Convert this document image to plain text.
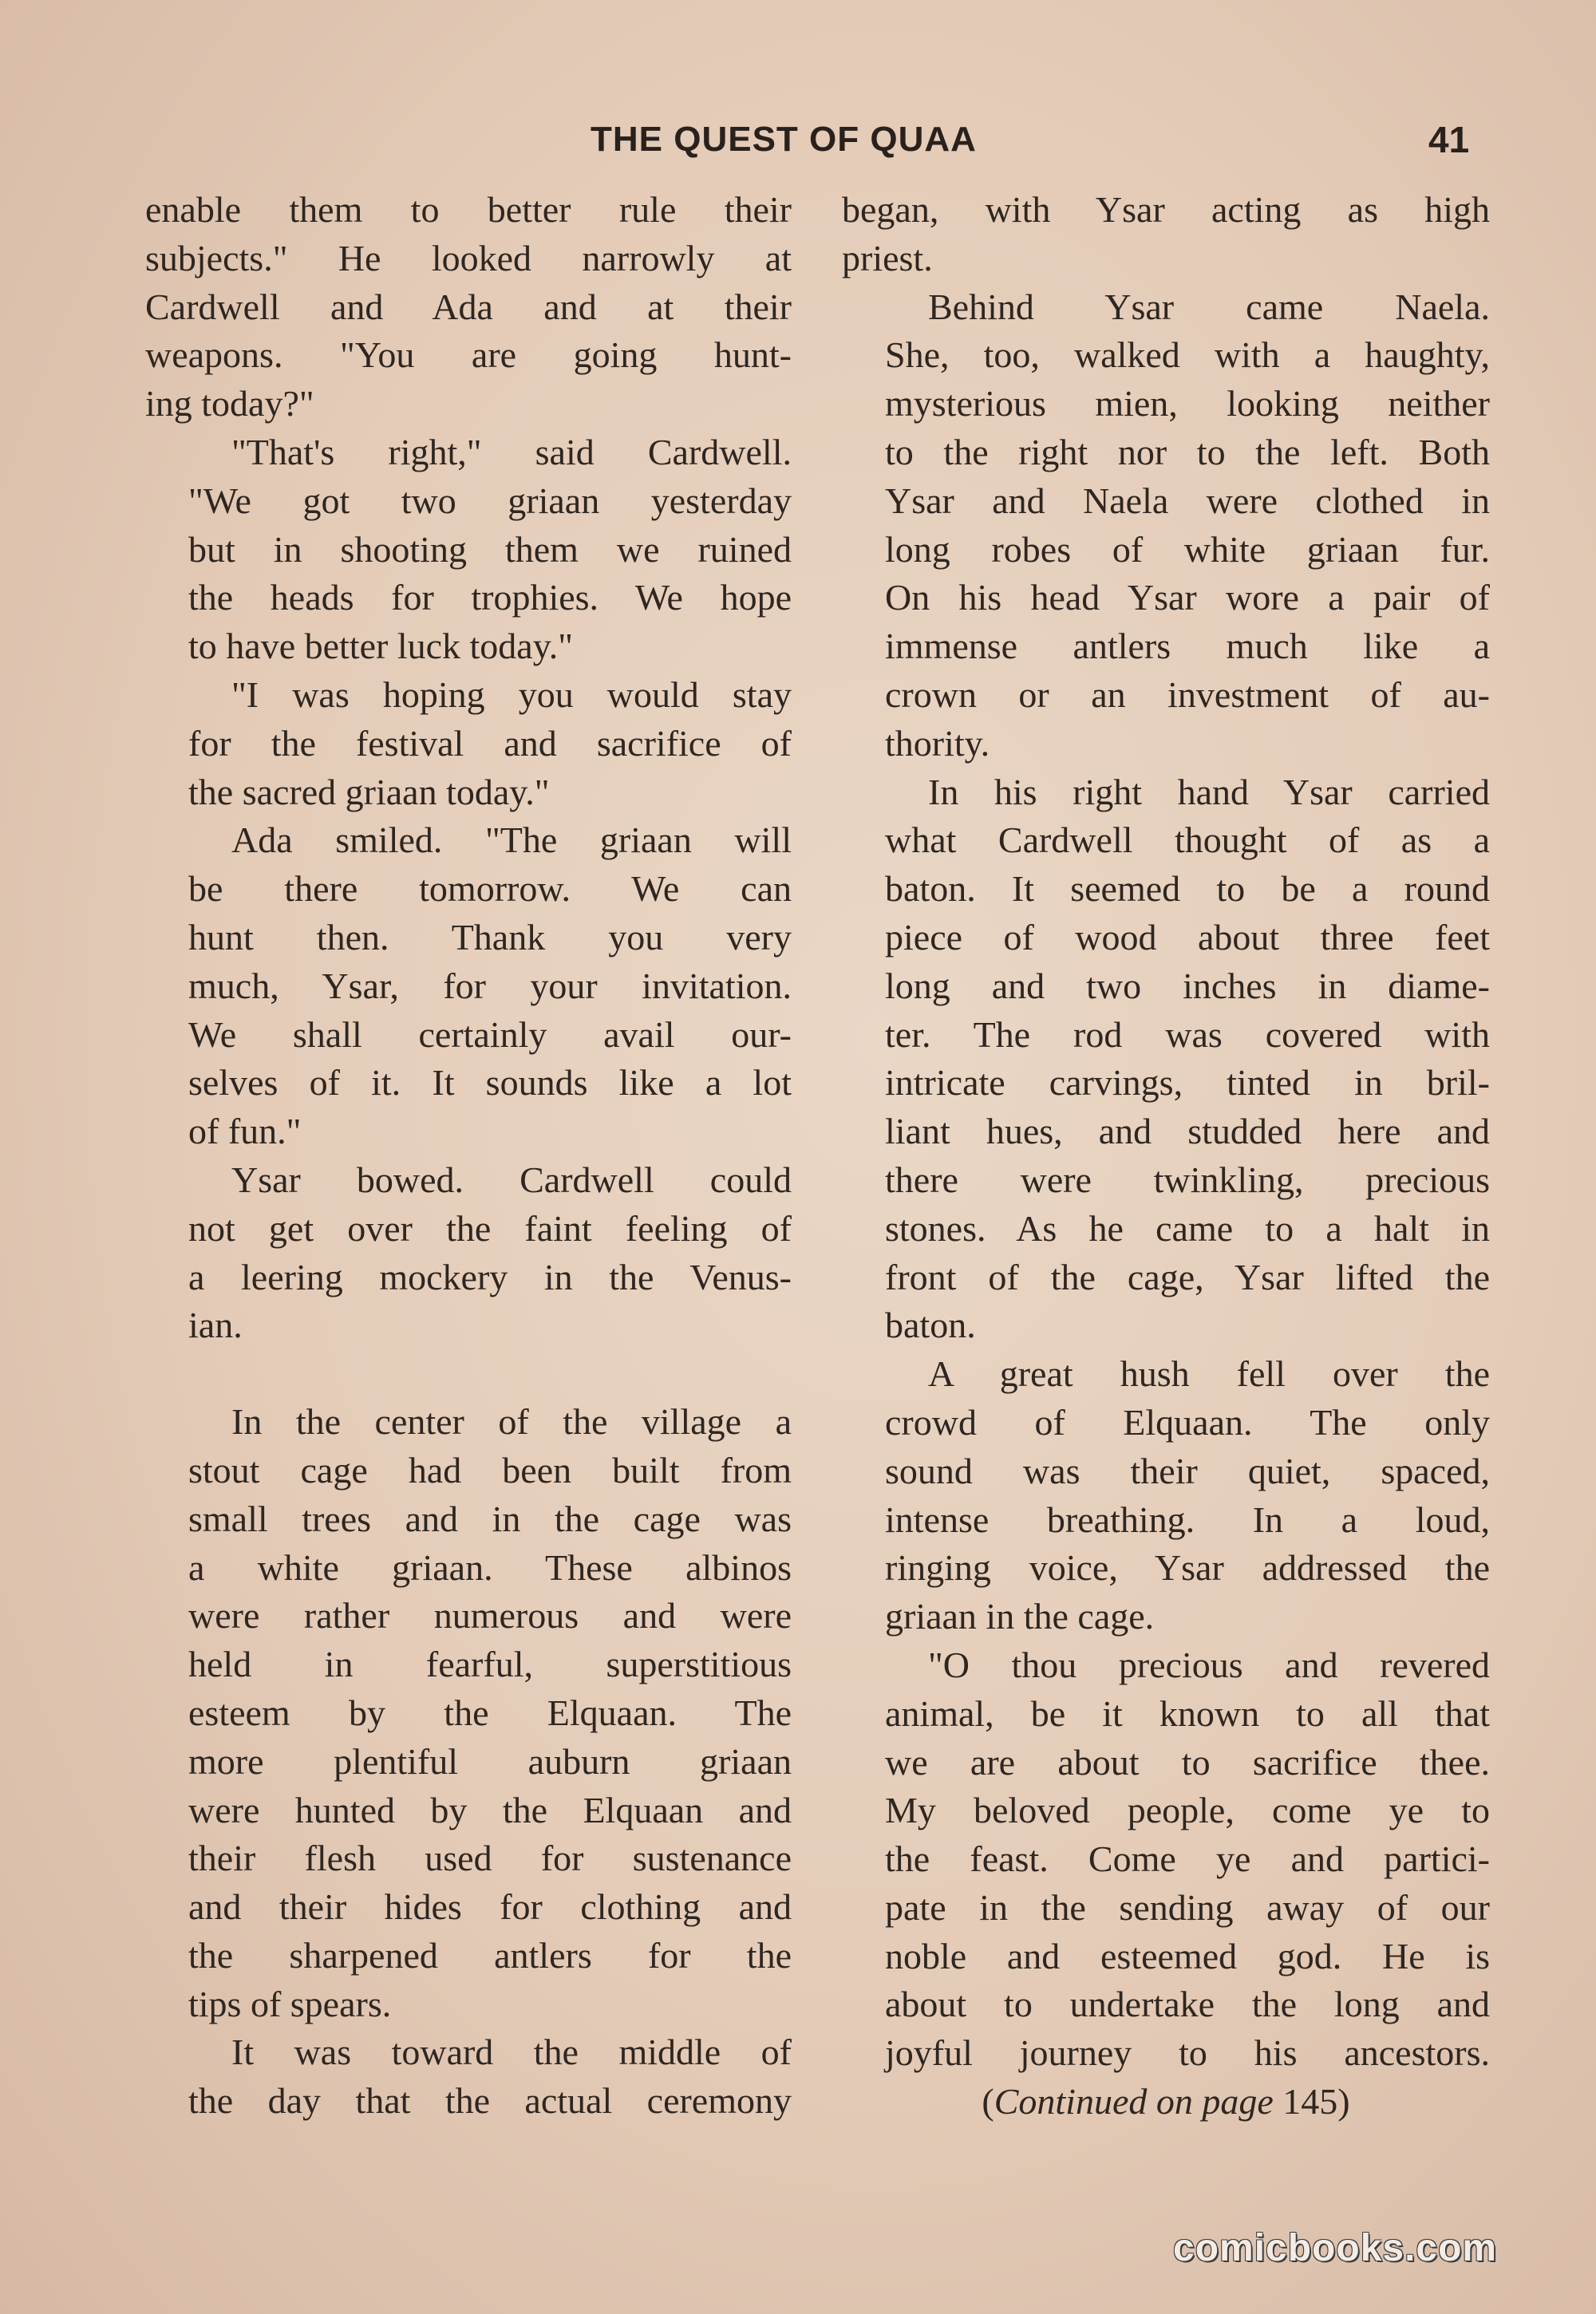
THE QUEST OF QUAA	41
enable them to better rule their
subjects." He looked narrowly at
Cardwell and Ada and at their
weapons. "You are going hunt-
ing today?"
"That's right," said Cardwell.
"We got two griaan yesterday
but in shooting them we ruined
the heads for trophies. We hope
to have better luck today."
"I was hoping you would stay
for the festival and sacrifice of
the sacred griaan today."
Ada smiled. "The griaan will
be there tomorrow. We can
hunt then. Thank you very
much, Ysar, for your invitation.
We shall certainly avail our-
selves of it. It sounds like a lot
of fun."
Ysar bowed. Cardwell could
not get over the faint feeling of
a leering mockery in the Venus-
ian.
In the center of the village a
stout cage had been built from
small trees and in the cage was
a white griaan. These albinos
were rather numerous and were
held in fearful, superstitious
esteem by the Elquaan. The
more plentiful auburn griaan
were hunted by the Elquaan and
their flesh used for sustenance
and their hides for clothing and
the sharpened antlers for the
tips of spears.
It was toward the middle of
the day that the actual ceremony
began, with Ysar acting as high
priest.
Behind Ysar came Naela.
She, too, walked with a haughty,
mysterious mien, looking neither
to the right nor to the left. Both
Ysar and Naela were clothed in
long robes of white griaan fur.
On his head Ysar wore a pair of
immense antlers much like a
crown or an investment of au-
thority.
In his right hand Ysar carried
what Cardwell thought of as a
baton. It seemed to be a round
piece of wood about three feet
long and two inches in diame-
ter. The rod was covered with
intricate carvings, tinted in bril-
liant hues, and studded here and
there were twinkling, precious
stones. As he came to a halt in
front of the cage, Ysar lifted the
baton.
A great hush fell over the
crowd of Elquaan. The only
sound was their quiet, spaced,
intense breathing. In a loud,
ringing voice, Ysar addressed the
griaan in the cage.
"O thou precious and revered
animal, be it known to all that
we are about to sacrifice thee.
My beloved people, come ye to
the feast. Come ye and partici-
pate in the sending away of our
noble and esteemed god. He is
about to undertake the long and
joyful journey to his ancestors.
(Continued on page 145)
comicbooks.com
